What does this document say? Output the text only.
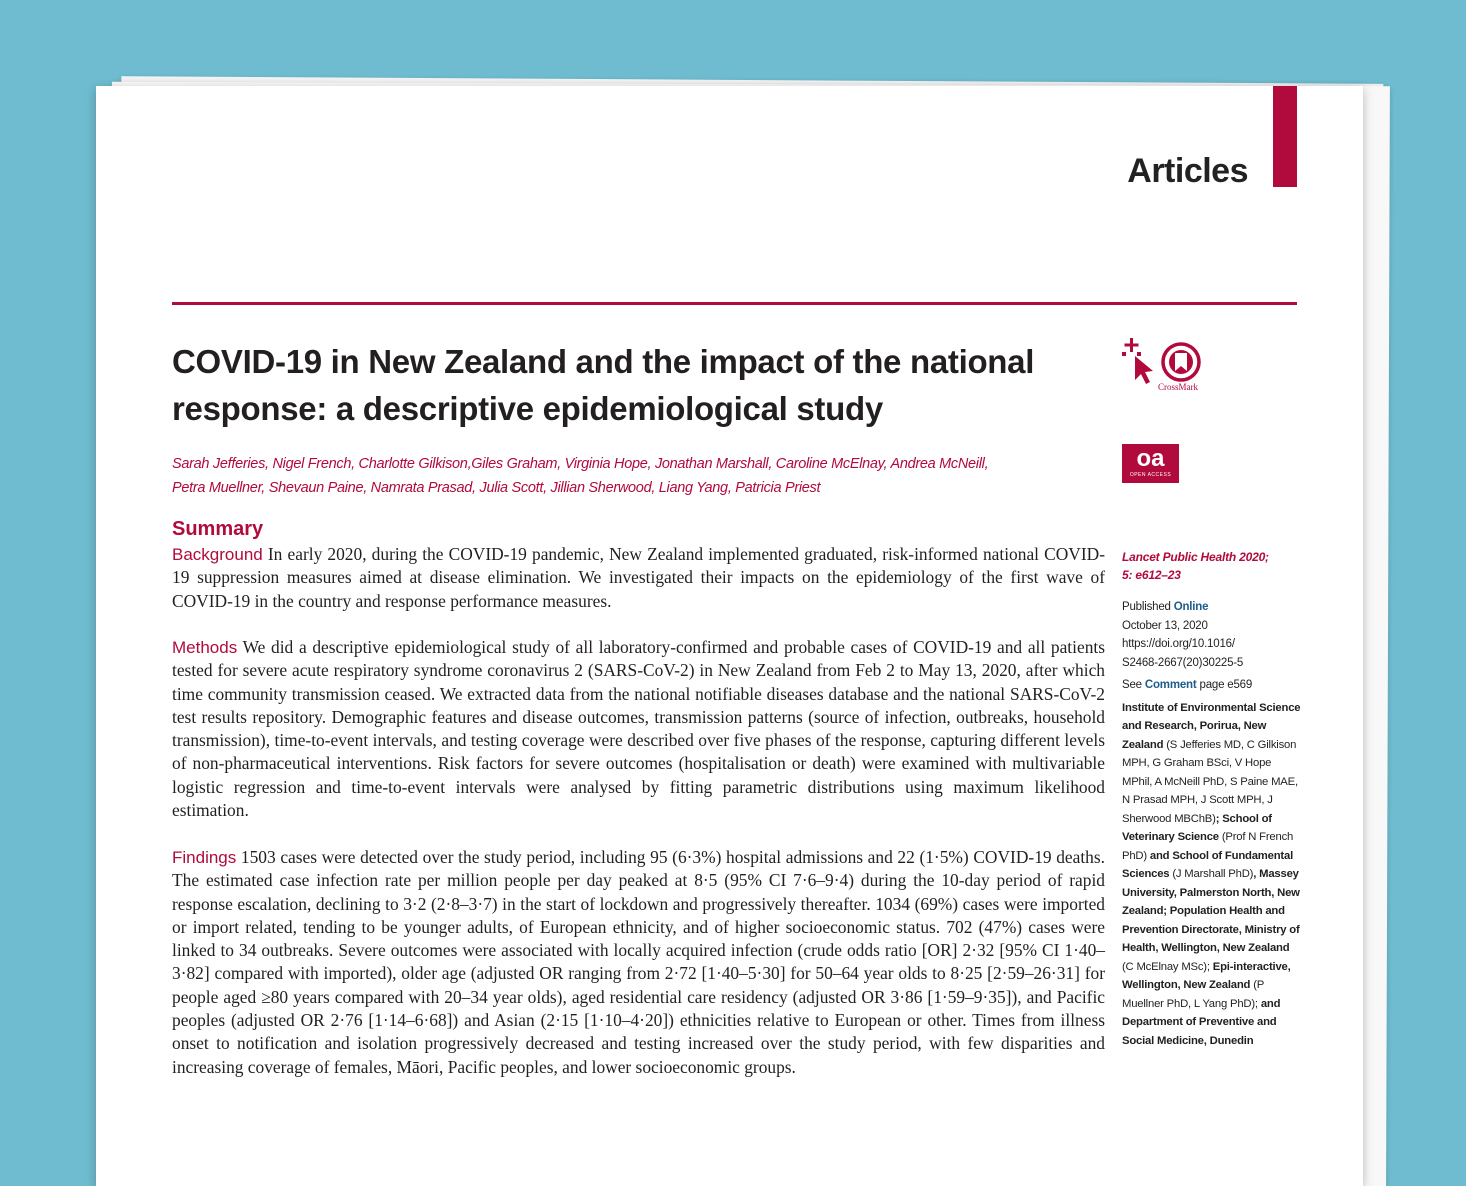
Articles
COVID-19 in New Zealand and the impact of the national response: a descriptive epidemiological study
Sarah Jefferies, Nigel French, Charlotte Gilkison,Giles Graham, Virginia Hope, Jonathan Marshall, Caroline McElnay, Andrea McNeill,
Petra Muellner, Shevaun Paine, Namrata Prasad, Julia Scott, Jillian Sherwood, Liang Yang, Patricia Priest
CrossMark
oa
OPEN ACCESS
Summary
Background In early 2020, during the COVID-19 pandemic, New Zealand implemented graduated, risk-informed national COVID-19 suppression measures aimed at disease elimination. We investigated their impacts on the epidemiology of the first wave of COVID-19 in the country and response performance measures.
Methods We did a descriptive epidemiological study of all laboratory-confirmed and probable cases of COVID-19 and all patients tested for severe acute respiratory syndrome coronavirus 2 (SARS-CoV-2) in New Zealand from Feb 2 to May 13, 2020, after which time community transmission ceased. We extracted data from the national notifiable diseases database and the national SARS-CoV-2 test results repository. Demographic features and disease outcomes, transmission patterns (source of infection, outbreaks, household transmission), time-to-event intervals, and testing coverage were described over five phases of the response, capturing different levels of non-pharmaceutical interventions. Risk factors for severe outcomes (hospitalisation or death) were examined with multivariable logistic regression and time-to-event intervals were analysed by fitting parametric distributions using maximum likelihood estimation.
Findings 1503 cases were detected over the study period, including 95 (6·3%) hospital admissions and 22 (1·5%) COVID-19 deaths. The estimated case infection rate per million people per day peaked at 8·5 (95% CI 7·6–9·4) during the 10-day period of rapid response escalation, declining to 3·2 (2·8–3·7) in the start of lockdown and progressively thereafter. 1034 (69%) cases were imported or import related, tending to be younger adults, of European ethnicity, and of higher socioeconomic status. 702 (47%) cases were linked to 34 outbreaks. Severe outcomes were associated with locally acquired infection (crude odds ratio [OR] 2·32 [95% CI 1·40–3·82] compared with imported), older age (adjusted OR ranging from 2·72 [1·40–5·30] for 50–64 year olds to 8·25 [2·59–26·31] for people aged ≥80 years compared with 20–34 year olds), aged residential care residency (adjusted OR 3·86 [1·59–9·35]), and Pacific peoples (adjusted OR 2·76 [1·14–6·68]) and Asian (2·15 [1·10–4·20]) ethnicities relative to European or other. Times from illness onset to notification and isolation progressively decreased and testing increased over the study period, with few disparities and increasing coverage of females, Māori, Pacific peoples, and lower socioeconomic groups.
Lancet Public Health 2020;
5: e612–23
Published Online
October 13, 2020
https://doi.org/10.1016/
S2468-2667(20)30225-5
See Comment page e569
Institute of Environmental Science and Research, Porirua, New Zealand (S Jefferies MD, C Gilkison MPH, G Graham BSci, V Hope MPhil, A McNeill PhD, S Paine MAE, N Prasad MPH, J Scott MPH, J Sherwood MBChB); School of Veterinary Science (Prof N French PhD) and School of Fundamental Sciences (J Marshall PhD), Massey University, Palmerston North, New Zealand; Population Health and Prevention Directorate, Ministry of Health, Wellington, New Zealand (C McElnay MSc); Epi-interactive, Wellington, New Zealand (P Muellner PhD, L Yang PhD); and Department of Preventive and Social Medicine, Dunedin
